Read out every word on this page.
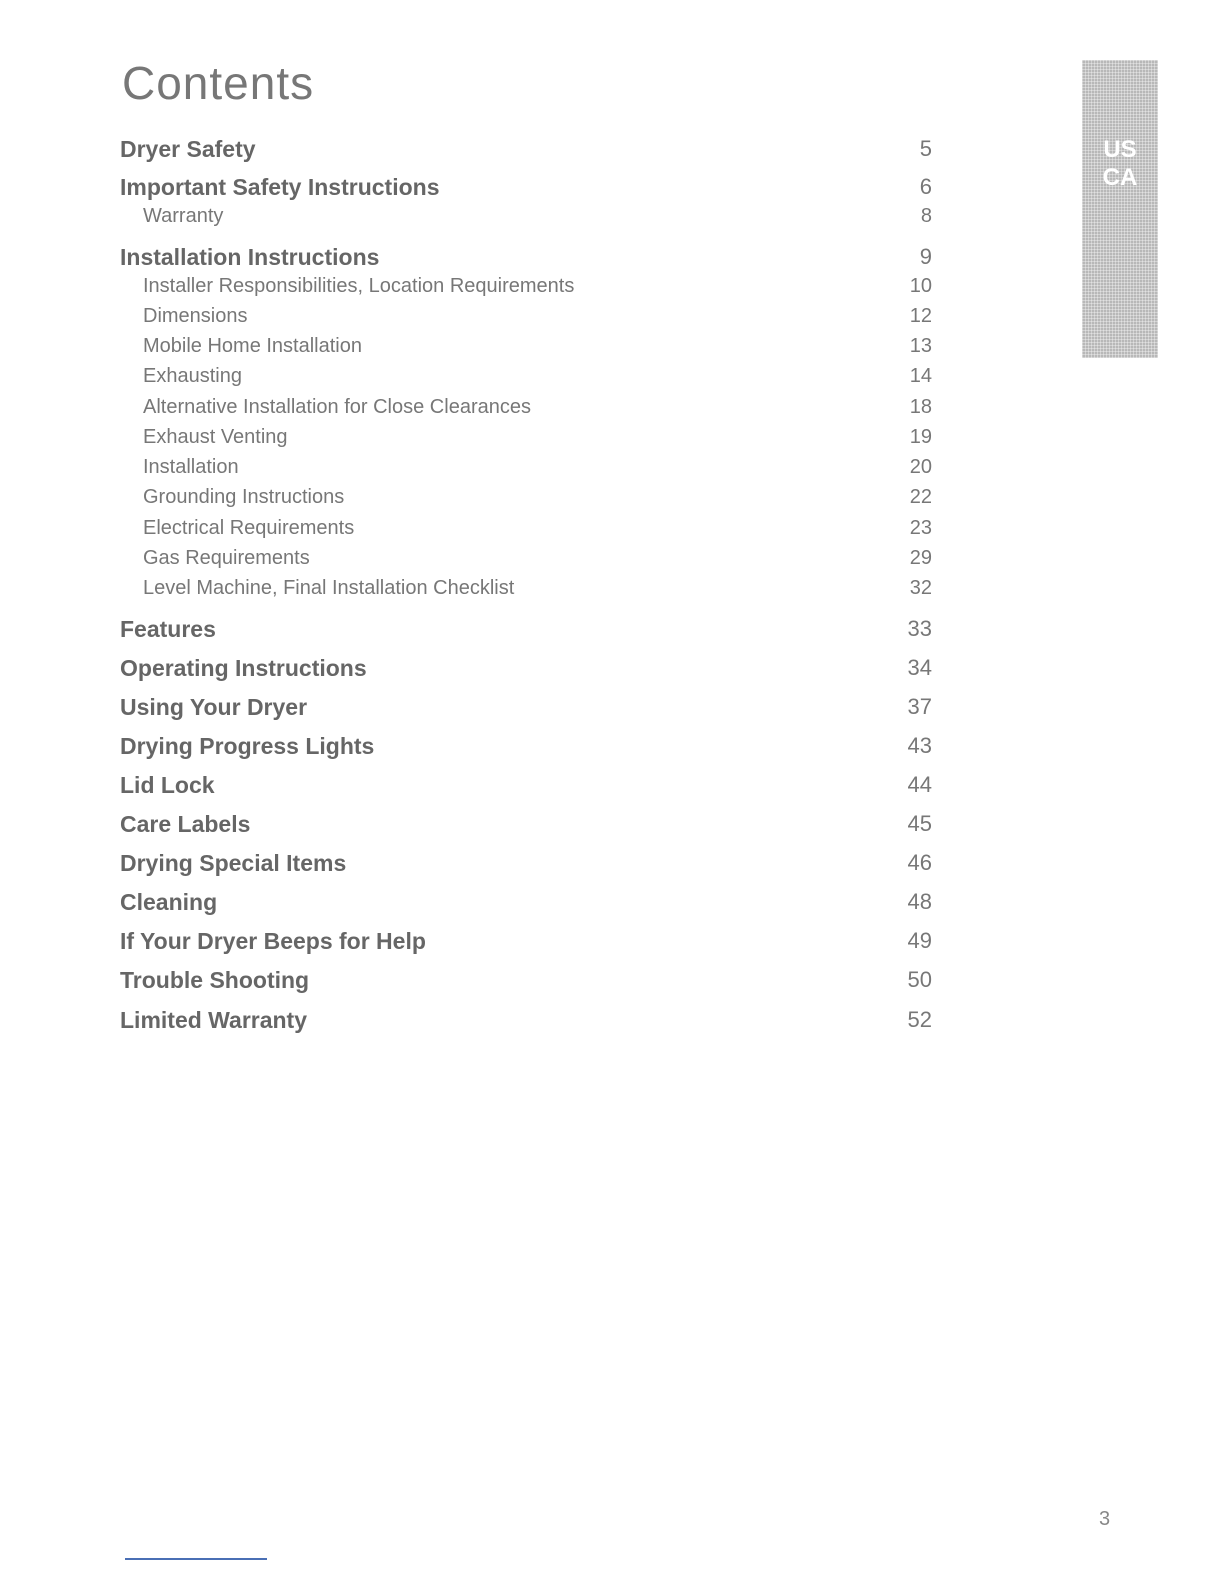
Contents
Dryer Safety	5
Important Safety Instructions	6
Warranty	8
Installation Instructions	9
Installer Responsibilities, Location Requirements	10
Dimensions	12
Mobile Home Installation	13
Exhausting	14
Alternative Installation for Close Clearances	18
Exhaust Venting	19
Installation	20
Grounding Instructions	22
Electrical Requirements	23
Gas Requirements	29
Level Machine, Final Installation Checklist	32
Features	33
Operating Instructions	34
Using Your Dryer	37
Drying Progress Lights	43
Lid Lock	44
Care Labels	45
Drying Special Items	46
Cleaning	48
If Your Dryer Beeps for Help	49
Trouble Shooting	50
Limited Warranty	52
US
CA
3
